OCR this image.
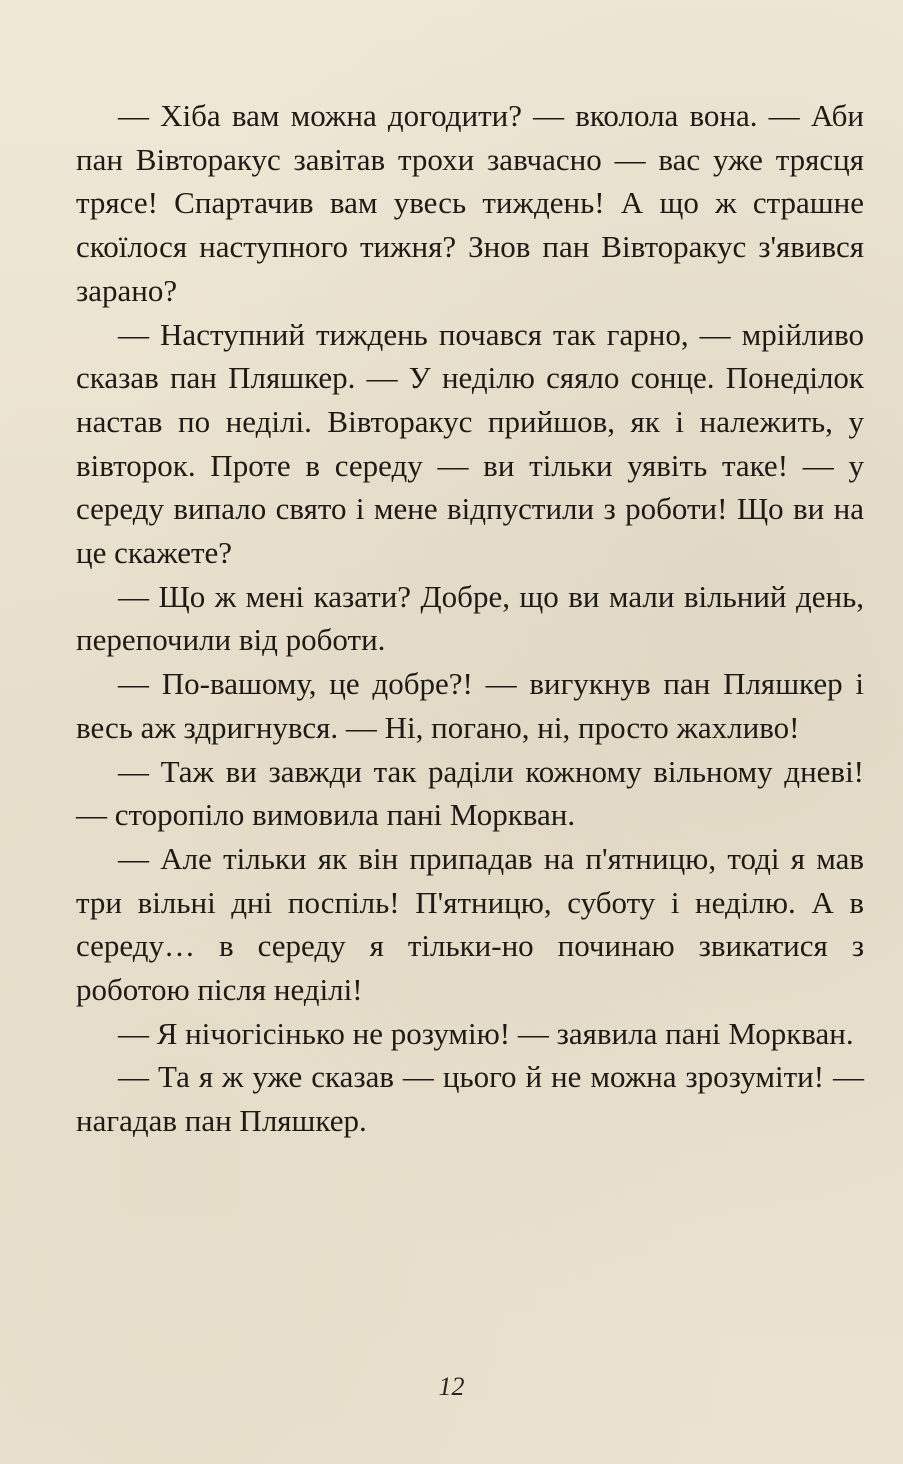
— Хіба вам можна догодити? — вколола вона. — Аби пан Вівторакус завітав трохи завчасно — вас уже трясця трясе! Спартачив вам увесь тиждень! А що ж страшне скоїлося наступного тижня? Знов пан Вівторакус з'явився зарано?

— Наступний тиждень почався так гарно, — мрійливо сказав пан Пляшкер. — У неділю сяяло сонце. Понеділок настав по неділі. Вівторакус прийшов, як і належить, у вівторок. Проте в середу — ви тільки уявіть таке! — у середу випало свято і мене відпустили з роботи! Що ви на це скажете?

— Що ж мені казати? Добре, що ви мали вільний день, перепочили від роботи.

— По-вашому, це добре?! — вигукнув пан Пляшкер і весь аж здригнувся. — Ні, погано, ні, просто жахливо!

— Таж ви завжди так раділи кожному вільному дневі! — сторопіло вимовила пані Моркван.

— Але тільки як він припадав на п'ятницю, тоді я мав три вільні дні поспіль! П'ятницю, суботу і неділю. А в середу… в середу я тільки-но починаю звикатися з роботою після неділі!

— Я нічогісінько не розумію! — заявила пані Моркван.

— Та я ж уже сказав — цього й не можна зрозуміти! — нагадав пан Пляшкер.

12
